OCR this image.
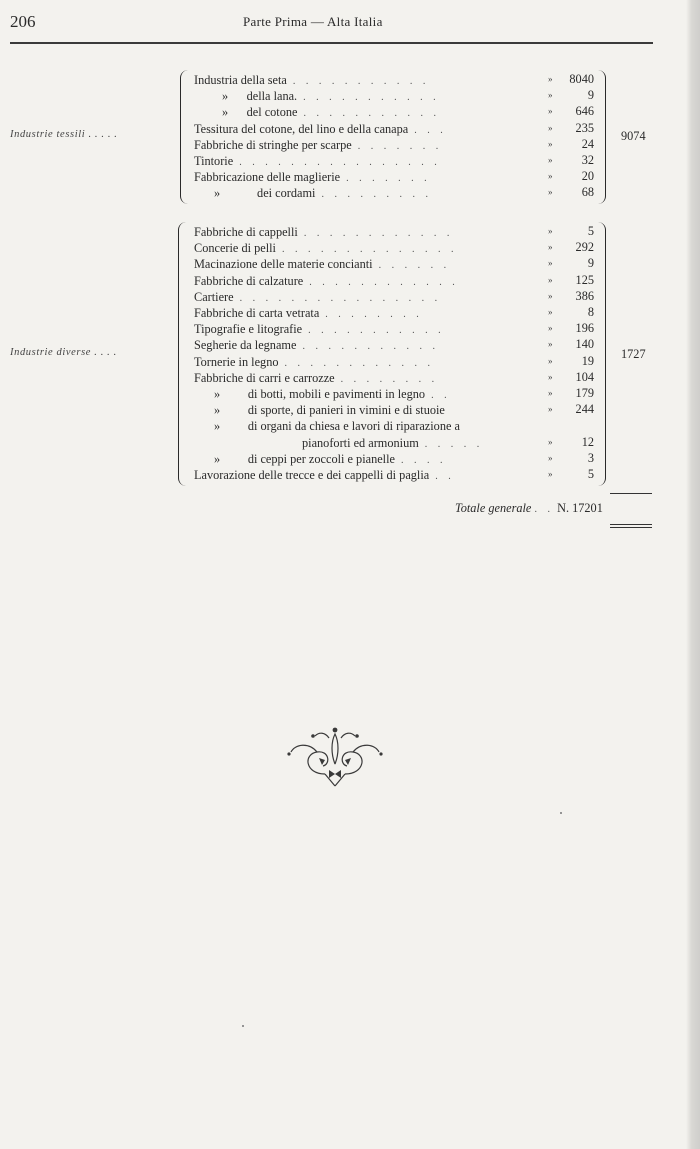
206	Parte Prima — Alta Italia
Industrie tessili . . . . .	9074
Industria della seta . . . . . . . . . . .	»	8040
»      della lana. . . . . . . . . . . .	»	9
»      del cotone . . . . . . . . . . .	»	646
Tessitura del cotone, del lino e della canapa . . .	»	235
Fabbriche di stringhe per scarpe . . . . . . .	»	24
Tintorie . . . . . . . . . . . . . . . .	»	32
Fabbricazione delle maglierie . . . . . . .	»	20
»            dei cordami . . . . . . . . .	»	68
Industrie diverse . . . .	1727
Fabbriche di cappelli . . . . . . . . . . . .	»	5
Concerie di pelli . . . . . . . . . . . . . .	»	292
Macinazione delle materie concianti . . . . . .	»	9
Fabbriche di calzature . . . . . . . . . . . .	»	125
Cartiere . . . . . . . . . . . . . . . .	»	386
Fabbriche di carta vetrata . . . . . . . .	»	8
Tipografie e litografie . . . . . . . . . . .	»	196
Segherie da legname . . . . . . . . . . .	»	140
Tornerie in legno . . . . . . . . . . . .	»	19
Fabbriche di carri e carrozze . . . . . . . .	»	104
»         di botti, mobili e pavimenti in legno . .	»	179
»         di sporte, di panieri in vimini e di stuoie	»	244
»         di organi da chiesa e lavori di riparazione a
pianoforti ed armonium . . . . .	»	12
»         di ceppi per zoccoli e pianelle . . . .	»	3
Lavorazione delle trecce e dei cappelli di paglia . .	»	5
Totale generale . . N. 17201
